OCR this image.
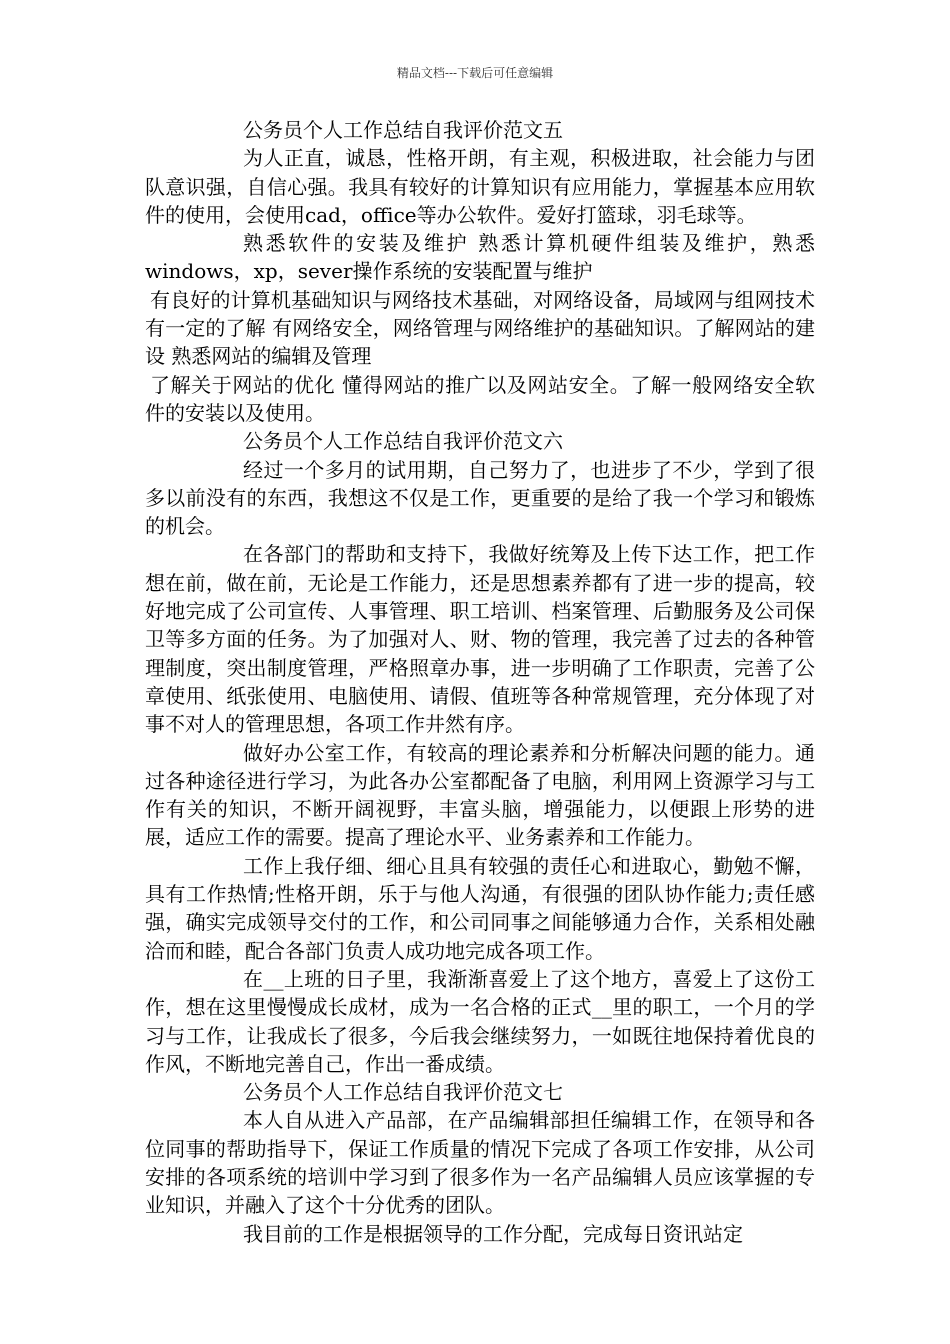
精品文档---下载后可任意编辑

公务员个人工作总结自我评价范文五

为人正直，诚恳，性格开朗，有主观，积极进取，社会能力与团队意识强，自信心强。我具有较好的计算知识有应用能力，掌握基本应用软件的使用，会使用cad，office等办公软件。爱好打篮球，羽毛球等。

熟悉软件的安装及维护 熟悉计算机硬件组装及维护，熟悉windows，xp，sever操作系统的安装配置与维护

有良好的计算机基础知识与网络技术基础，对网络设备，局域网与组网技术有一定的了解 有网络安全，网络管理与网络维护的基础知识。了解网站的建设 熟悉网站的编辑及管理

了解关于网站的优化 懂得网站的推广以及网站安全。了解一般网络安全软件的安装以及使用。

公务员个人工作总结自我评价范文六

经过一个多月的试用期，自己努力了，也进步了不少，学到了很多以前没有的东西，我想这不仅是工作，更重要的是给了我一个学习和锻炼的机会。

在各部门的帮助和支持下，我做好统筹及上传下达工作，把工作想在前，做在前，无论是工作能力，还是思想素养都有了进一步的提高，较好地完成了公司宣传、人事管理、职工培训、档案管理、后勤服务及公司保卫等多方面的任务。为了加强对人、财、物的管理，我完善了过去的各种管理制度，突出制度管理，严格照章办事，进一步明确了工作职责，完善了公章使用、纸张使用、电脑使用、请假、值班等各种常规管理，充分体现了对事不对人的管理思想，各项工作井然有序。

做好办公室工作，有较高的理论素养和分析解决问题的能力。通过各种途径进行学习，为此各办公室都配备了电脑，利用网上资源学习与工作有关的知识，不断开阔视野，丰富头脑，增强能力，以便跟上形势的进展，适应工作的需要。提高了理论水平、业务素养和工作能力。

工作上我仔细、细心且具有较强的责任心和进取心，勤勉不懈，具有工作热情;性格开朗，乐于与他人沟通，有很强的团队协作能力;责任感强，确实完成领导交付的工作，和公司同事之间能够通力合作，关系相处融洽而和睦，配合各部门负责人成功地完成各项工作。

在__上班的日子里，我渐渐喜爱上了这个地方，喜爱上了这份工作，想在这里慢慢成长成材，成为一名合格的正式__里的职工，一个月的学习与工作，让我成长了很多，今后我会继续努力，一如既往地保持着优良的作风，不断地完善自己，作出一番成绩。

公务员个人工作总结自我评价范文七

本人自从进入产品部，在产品编辑部担任编辑工作，在领导和各位同事的帮助指导下，保证工作质量的情况下完成了各项工作安排，从公司安排的各项系统的培训中学习到了很多作为一名产品编辑人员应该掌握的专业知识，并融入了这个十分优秀的团队。

我目前的工作是根据领导的工作分配，完成每日资讯站定
